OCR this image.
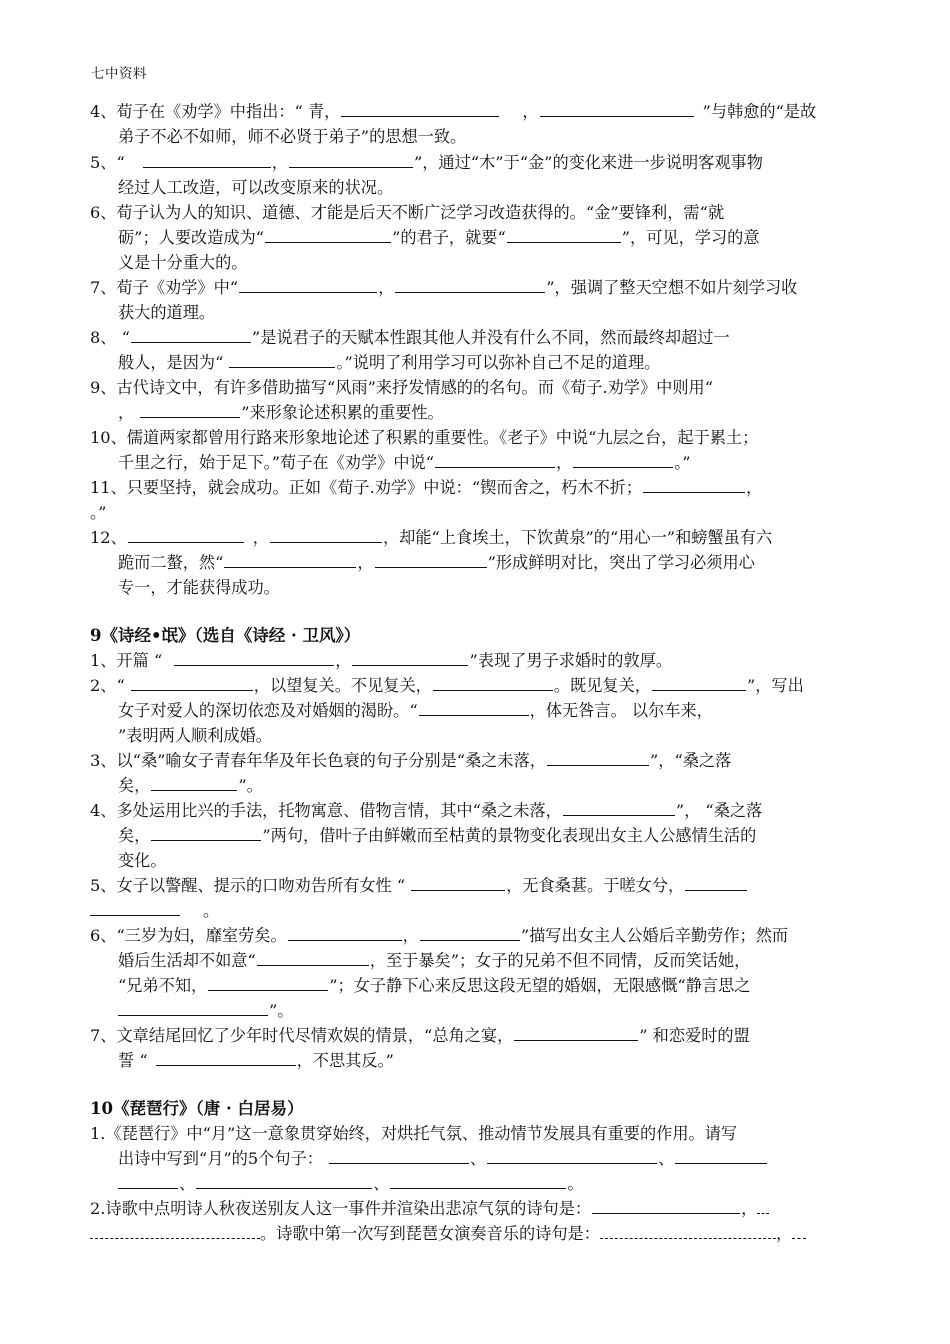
七中资料
4、荀子在《劝学》中指出：“ 青，	，	”与韩愈的“是故
弟子不必不如师，师不必贤于弟子”的思想一致。
5、“	，	”，通过“木”于“金”的变化来进一步说明客观事物
经过人工改造，可以改变原来的状况。
6、荀子认为人的知识、道德、才能是后天不断广泛学习改造获得的。“金”要锋利，需“就
砺”；人要改造成为“	”的君子，就要“	”，可见，学习的意
义是十分重大的。
7、荀子《劝学》中“	，	”，强调了整天空想不如片刻学习收
获大的道理。
8、 “	”是说君子的天赋本性跟其他人并没有什么不同，然而最终却超过一
般人，是因为“	。”说明了利用学习可以弥补自己不足的道理。
9、古代诗文中，有许多借助描写“风雨”来抒发情感的的名句。而《荀子.劝学》中则用“
，	”来形象论述积累的重要性。
10、儒道两家都曾用行路来形象地论述了积累的重要性。《老子》中说“九层之台，起于累土；
千里之行，始于足下。”荀子在《劝学》中说“	，	。”
11、只要坚持，就会成功。正如《荀子.劝学》中说：“锲而舍之，朽木不折；	，
。”
12、	，	，却能“上食埃土，下饮黄泉”的“用心一”和螃蟹虽有六
跪而二螯，然“	，	”形成鲜明对比，突出了学习必须用心
专一，才能获得成功。
9《诗经•氓》（选自《诗经 · 卫风》）
1、开篇 “	，	”表现了男子求婚时的敦厚。
2、“	，以望复关。不见复关，	。既见复关，	”，写出
女子对爱人的深切依恋及对婚姻的渴盼。“	，体无咎言。 以尔车来，
”表明两人顺利成婚。
3、以“桑”喻女子青春年华及年长色衰的句子分别是“桑之未落，	”，“桑之落
矣，	”。
4、多处运用比兴的手法，托物寓意、借物言情，其中“桑之未落，	”， “桑之落
矣，	”两句，借叶子由鲜嫩而至枯黄的景物变化表现出女主人公感情生活的
变化。
5、女子以警醒、提示的口吻劝告所有女性 “	，无食桑葚。于嗟女兮，
。
6、“三岁为妇，靡室劳矣。	，	”描写出女主人公婚后辛勤劳作；然而
婚后生活却不如意“	，至于暴矣”；女子的兄弟不但不同情，反而笑话她，
“兄弟不知，	”；女子静下心来反思这段无望的婚姻，无限感慨“静言思之
”。
7、文章结尾回忆了少年时代尽情欢娱的情景，“总角之宴，	” 和恋爱时的盟
誓 “	，不思其反。”
10《琵琶行》（唐 · 白居易）
1.《琵琶行》中“月”这一意象贯穿始终，对烘托气氛、推动情节发展具有重要的作用。请写
出诗中写到“月”的5个句子：	、	、
、	、	。
2.诗歌中点明诗人秋夜送别友人这一事件并渲染出悲凉气氛的诗句是：	，
。诗歌中第一次写到琵琶女演奏音乐的诗句是：	，
